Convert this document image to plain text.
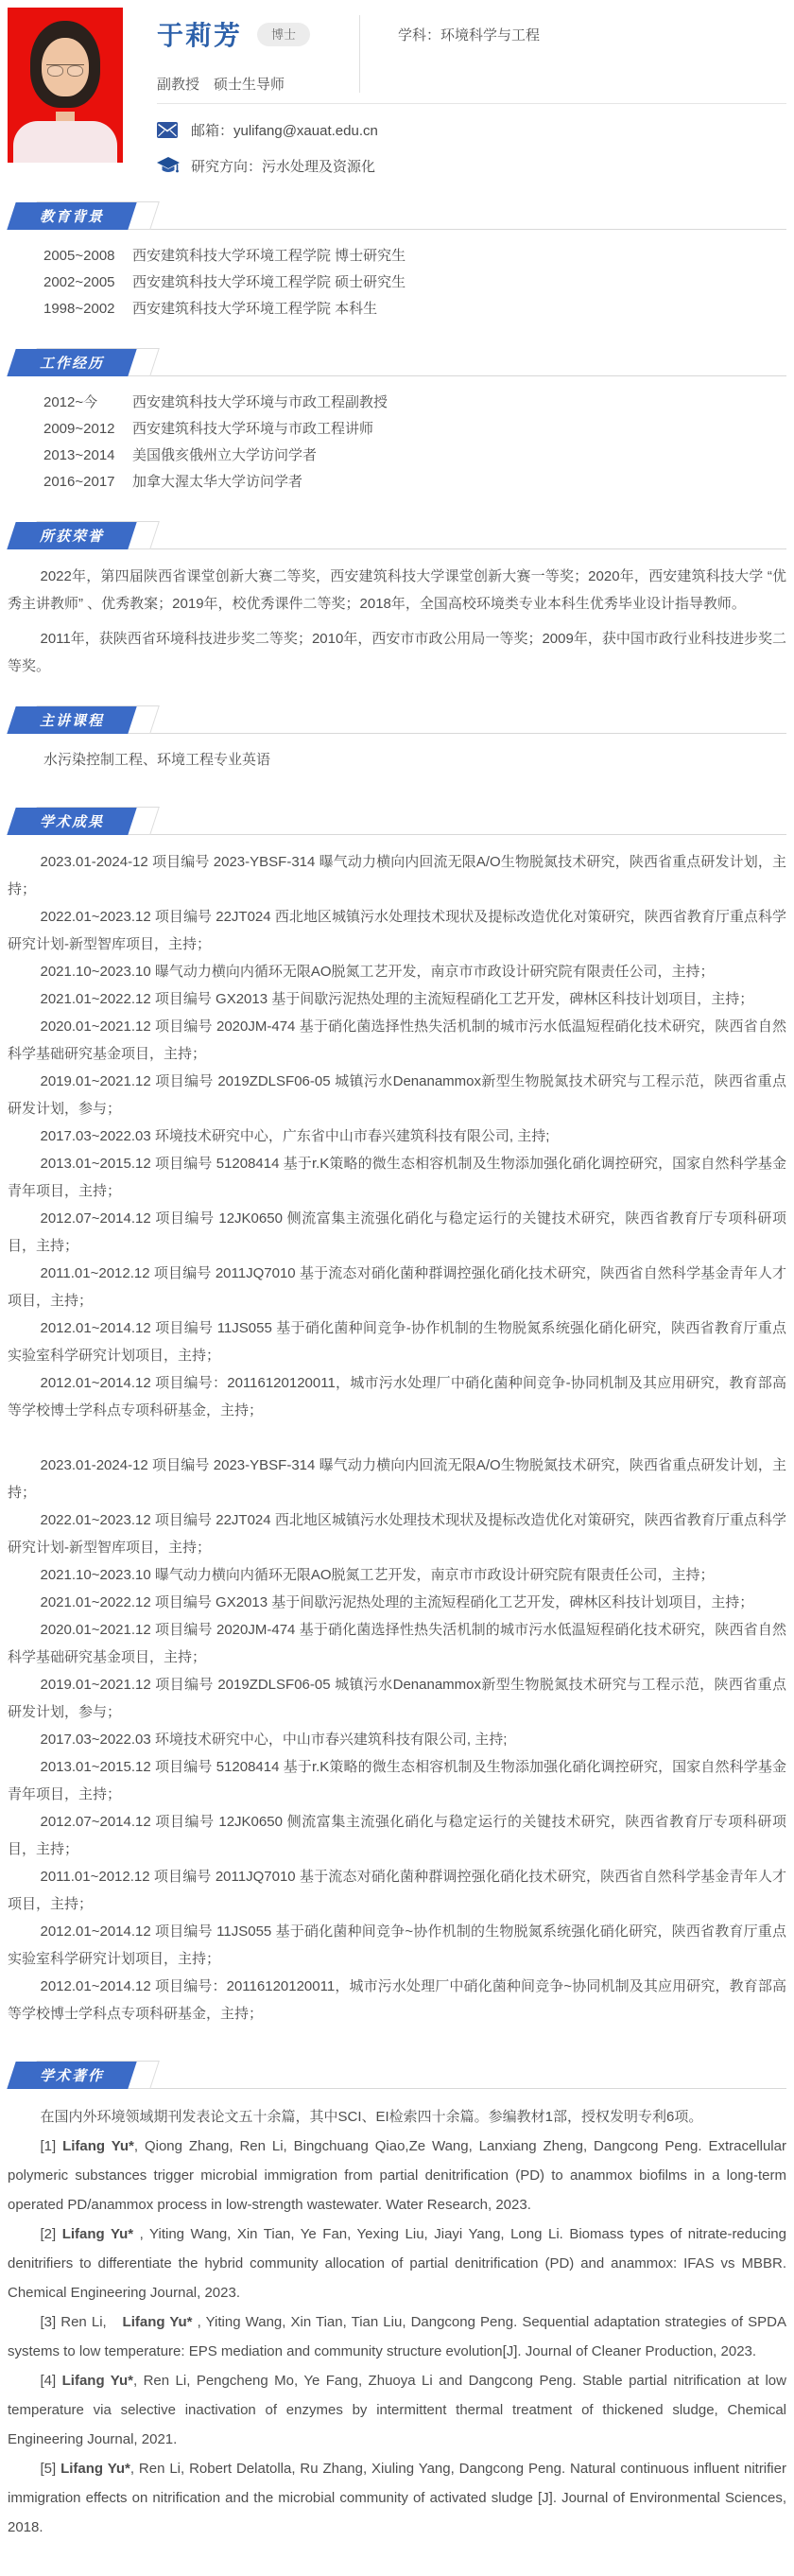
于莉芳	博士
副教授　硕士生导师
学科：环境科学与工程
邮箱：yulifang@xauat.edu.cn
研究方向：污水处理及资源化
教育背景

2005~2008	西安建筑科技大学环境工程学院 博士研究生

2002~2005	西安建筑科技大学环境工程学院 硕士研究生

1998~2002	西安建筑科技大学环境工程学院 本科生

工作经历

2012~今	西安建筑科技大学环境与市政工程副教授

2009~2012	西安建筑科技大学环境与市政工程讲师

2013~2014	美国俄亥俄州立大学访问学者

2016~2017	加拿大渥太华大学访问学者

所获荣誉

2022年，第四届陕西省课堂创新大赛二等奖，西安建筑科技大学课堂创新大赛一等奖；2020年，西安建筑科技大学 “优秀主讲教师” 、优秀教案；2019年，校优秀课件二等奖；2018年，全国高校环境类专业本科生优秀毕业设计指导教师。

2011年，获陕西省环境科技进步奖二等奖；2010年，西安市市政公用局一等奖；2009年，获中国市政行业科技进步奖二等奖。

主讲课程

水污染控制工程、环境工程专业英语

学术成果

2023.01-2024-12 项目编号 2023-YBSF-314 曝气动力横向内回流无限A/O生物脱氮技术研究，陕西省重点研发计划，主持；

2022.01~2023.12 项目编号 22JT024 西北地区城镇污水处理技术现状及提标改造优化对策研究，陕西省教育厅重点科学研究计划-新型智库项目，主持；

2021.10~2023.10 曝气动力横向内循环无限AO脱氮工艺开发，南京市市政设计研究院有限责任公司，主持；

2021.01~2022.12 项目编号 GX2013 基于间歇污泥热处理的主流短程硝化工艺开发，碑林区科技计划项目，主持；

2020.01~2021.12 项目编号 2020JM-474 基于硝化菌选择性热失活机制的城市污水低温短程硝化技术研究，陕西省自然科学基础研究基金项目，主持；

2019.01~2021.12 项目编号 2019ZDLSF06-05 城镇污水Denanammox新型生物脱氮技术研究与工程示范，陕西省重点研发计划，参与；

2017.03~2022.03 环境技术研究中心，广东省中山市春兴建筑科技有限公司, 主持;

2013.01~2015.12 项目编号 51208414 基于r.K策略的微生态相容机制及生物添加强化硝化调控研究，国家自然科学基金青年项目，主持；

2012.07~2014.12 项目编号 12JK0650 侧流富集主流强化硝化与稳定运行的关键技术研究，陕西省教育厅专项科研项目，主持；

2011.01~2012.12 项目编号 2011JQ7010 基于流态对硝化菌种群调控强化硝化技术研究，陕西省自然科学基金青年人才项目，主持；

2012.01~2014.12 项目编号 11JS055 基于硝化菌种间竞争-协作机制的生物脱氮系统强化硝化研究，陕西省教育厅重点实验室科学研究计划项目，主持；

2012.01~2014.12 项目编号：20116120120011，城市污水处理厂中硝化菌种间竞争-协同机制及其应用研究，教育部高等学校博士学科点专项科研基金，主持；

2023.01-2024-12 项目编号 2023-YBSF-314 曝气动力横向内回流无限A/O生物脱氮技术研究，陕西省重点研发计划，主持；

2022.01~2023.12 项目编号 22JT024 西北地区城镇污水处理技术现状及提标改造优化对策研究，陕西省教育厅重点科学研究计划-新型智库项目，主持；

2021.10~2023.10 曝气动力横向内循环无限AO脱氮工艺开发，南京市市政设计研究院有限责任公司，主持；

2021.01~2022.12 项目编号 GX2013 基于间歇污泥热处理的主流短程硝化工艺开发，碑林区科技计划项目，主持；

2020.01~2021.12 项目编号 2020JM-474 基于硝化菌选择性热失活机制的城市污水低温短程硝化技术研究，陕西省自然科学基础研究基金项目，主持；

2019.01~2021.12 项目编号 2019ZDLSF06-05 城镇污水Denanammox新型生物脱氮技术研究与工程示范，陕西省重点研发计划，参与；

2017.03~2022.03 环境技术研究中心，中山市春兴建筑科技有限公司, 主持;

2013.01~2015.12 项目编号 51208414 基于r.K策略的微生态相容机制及生物添加强化硝化调控研究，国家自然科学基金青年项目，主持；

2012.07~2014.12 项目编号 12JK0650 侧流富集主流强化硝化与稳定运行的关键技术研究，陕西省教育厅专项科研项目，主持；

2011.01~2012.12 项目编号 2011JQ7010 基于流态对硝化菌种群调控强化硝化技术研究，陕西省自然科学基金青年人才项目，主持；

2012.01~2014.12 项目编号 11JS055 基于硝化菌种间竞争~协作机制的生物脱氮系统强化硝化研究，陕西省教育厅重点实验室科学研究计划项目，主持；

2012.01~2014.12 项目编号：20116120120011，城市污水处理厂中硝化菌种间竞争~协同机制及其应用研究，教育部高等学校博士学科点专项科研基金，主持；

学术著作

在国内外环境领域期刊发表论文五十余篇，其中SCI、EI检索四十余篇。参编教材1部，授权发明专利6项。

[1] Lifang Yu*, Qiong Zhang, Ren Li, Bingchuang Qiao,Ze Wang, Lanxiang Zheng, Dangcong Peng. Extracellular polymeric substances trigger microbial immigration from partial denitrification (PD) to anammox biofilms in a long-term operated PD/anammox process in low-strength wastewater. Water Research, 2023.

[2] Lifang Yu* , Yiting Wang, Xin Tian, Ye Fan, Yexing Liu, Jiayi Yang, Long Li. Biomass types of nitrate-reducing denitrifiers to differentiate the hybrid community allocation of partial denitrification (PD) and anammox: IFAS vs MBBR. Chemical Engineering Journal, 2023.

[3] Ren Li,　Lifang Yu* , Yiting Wang, Xin Tian, Tian Liu, Dangcong Peng. Sequential adaptation strategies of SPDA systems to low temperature: EPS mediation and community structure evolution[J]. Journal of Cleaner Production, 2023.

[4] Lifang Yu*, Ren Li, Pengcheng Mo, Ye Fang, Zhuoya Li and Dangcong Peng. Stable partial nitrification at low temperature via selective inactivation of enzymes by intermittent thermal treatment of thickened sludge, Chemical Engineering Journal, 2021.

[5] Lifang Yu*, Ren Li, Robert Delatolla, Ru Zhang, Xiuling Yang, Dangcong Peng. Natural continuous influent nitrifier immigration effects on nitrification and the microbial community of activated sludge [J]. Journal of Environmental Sciences, 2018.
